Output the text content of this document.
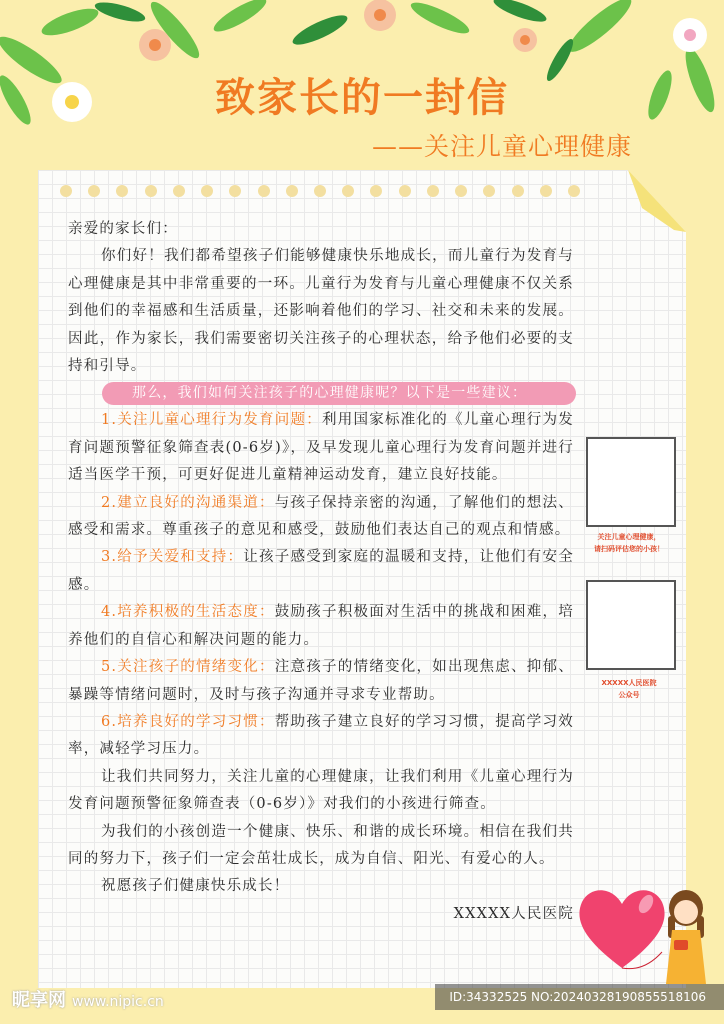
致家长的一封信
——关注儿童心理健康

亲爱的家长们：

你们好！我们都希望孩子们能够健康快乐地成长，而儿童行为发育与心理健康是其中非常重要的一环。儿童行为发育与儿童心理健康不仅关系到他们的幸福感和生活质量，还影响着他们的学习、社交和未来的发展。因此，作为家长，我们需要密切关注孩子的心理状态，给予他们必要的支持和引导。

那么，我们如何关注孩子的心理健康呢？以下是一些建议：

1.关注儿童心理行为发育问题：利用国家标准化的《儿童心理行为发育问题预警征象筛查表(0-6岁)》，及早发现儿童心理行为发育问题并进行适当医学干预，可更好促进儿童精神运动发育，建立良好技能。

2.建立良好的沟通渠道：与孩子保持亲密的沟通，了解他们的想法、感受和需求。尊重孩子的意见和感受，鼓励他们表达自己的观点和情感。

3.给予关爱和支持：让孩子感受到家庭的温暖和支持，让他们有安全感。

4.培养积极的生活态度：鼓励孩子积极面对生活中的挑战和困难，培养他们的自信心和解决问题的能力。

5.关注孩子的情绪变化：注意孩子的情绪变化，如出现焦虑、抑郁、暴躁等情绪问题时，及时与孩子沟通并寻求专业帮助。

6.培养良好的学习习惯：帮助孩子建立良好的学习习惯，提高学习效率，减轻学习压力。

让我们共同努力，关注儿童的心理健康，让我们利用《儿童心理行为发育问题预警征象筛查表（0-6岁）》对我们的小孩进行筛查。

为我们的小孩创造一个健康、快乐、和谐的成长环境。相信在我们共同的努力下，孩子们一定会茁壮成长，成为自信、阳光、有爱心的人。

祝愿孩子们健康快乐成长！

XXXXX人民医院

关注儿童心理健康，
请扫码评估您的小孩！
XXXXX人民医院
公众号
昵享网 www.nipic.cn	ID:34332525 NO:20240328190855518106
